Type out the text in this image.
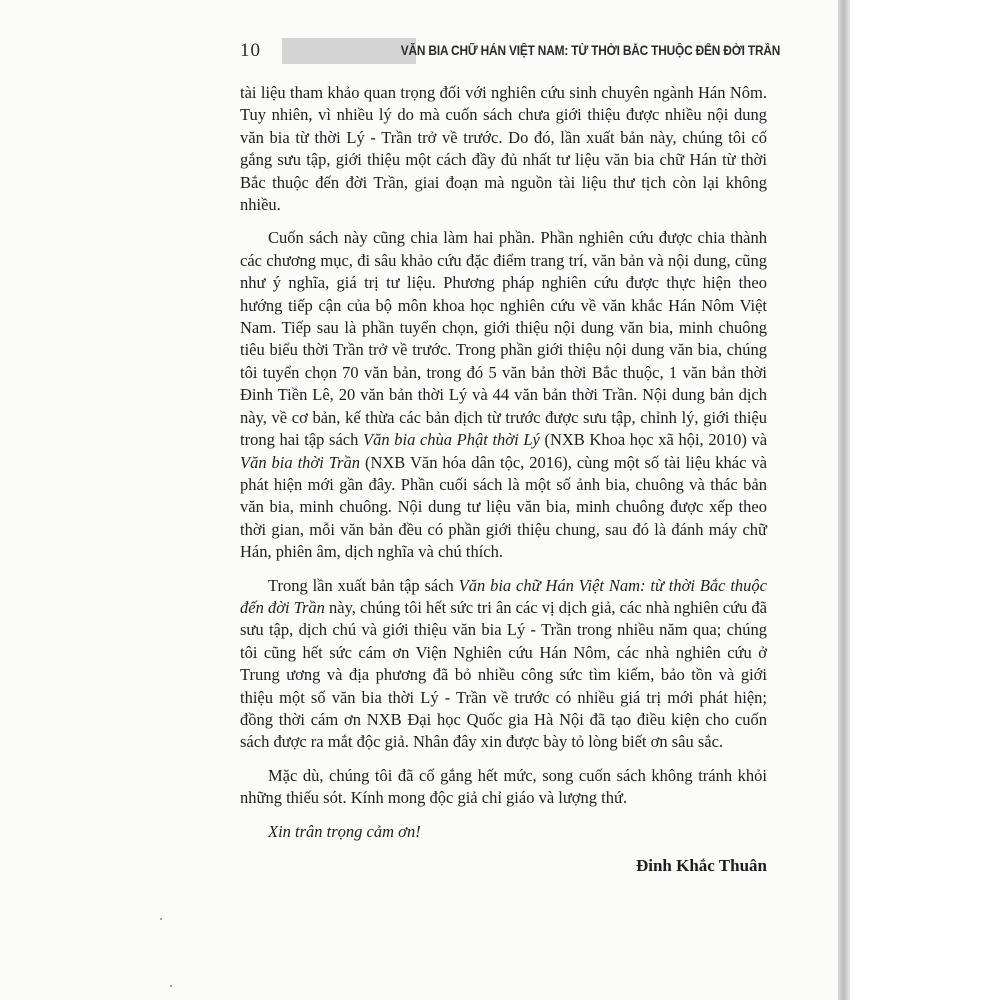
10	VĂN BIA CHỮ HÁN VIỆT NAM: TỪ THỜI BẮC THUỘC ĐẾN ĐỜI TRẦN

tài liệu tham khảo quan trọng đối với nghiên cứu sinh chuyên ngành Hán Nôm. Tuy nhiên, vì nhiều lý do mà cuốn sách chưa giới thiệu được nhiều nội dung văn bia từ thời Lý - Trần trở về trước. Do đó, lần xuất bản này, chúng tôi cố gắng sưu tập, giới thiệu một cách đầy đủ nhất tư liệu văn bia chữ Hán từ thời Bắc thuộc đến đời Trần, giai đoạn mà nguồn tài liệu thư tịch còn lại không nhiều.

Cuốn sách này cũng chia làm hai phần. Phần nghiên cứu được chia thành các chương mục, đi sâu khảo cứu đặc điểm trang trí, văn bản và nội dung, cũng như ý nghĩa, giá trị tư liệu. Phương pháp nghiên cứu được thực hiện theo hướng tiếp cận của bộ môn khoa học nghiên cứu về văn khắc Hán Nôm Việt Nam. Tiếp sau là phần tuyển chọn, giới thiệu nội dung văn bia, minh chuông tiêu biểu thời Trần trở về trước. Trong phần giới thiệu nội dung văn bia, chúng tôi tuyển chọn 70 văn bản, trong đó 5 văn bản thời Bắc thuộc, 1 văn bản thời Đinh Tiền Lê, 20 văn bản thời Lý và 44 văn bản thời Trần. Nội dung bản dịch này, về cơ bản, kế thừa các bản dịch từ trước được sưu tập, chỉnh lý, giới thiệu trong hai tập sách Văn bia chùa Phật thời Lý (NXB Khoa học xã hội, 2010) và Văn bia thời Trần (NXB Văn hóa dân tộc, 2016), cùng một số tài liệu khác và phát hiện mới gần đây. Phần cuối sách là một số ảnh bia, chuông và thác bản văn bia, minh chuông. Nội dung tư liệu văn bia, minh chuông được xếp theo thời gian, mỗi văn bản đều có phần giới thiệu chung, sau đó là đánh máy chữ Hán, phiên âm, dịch nghĩa và chú thích.

Trong lần xuất bản tập sách Văn bia chữ Hán Việt Nam: từ thời Bắc thuộc đến đời Trần này, chúng tôi hết sức tri ân các vị dịch giả, các nhà nghiên cứu đã sưu tập, dịch chú và giới thiệu văn bia Lý - Trần trong nhiều năm qua; chúng tôi cũng hết sức cám ơn Viện Nghiên cứu Hán Nôm, các nhà nghiên cứu ở Trung ương và địa phương đã bỏ nhiều công sức tìm kiếm, bảo tồn và giới thiệu một số văn bia thời Lý - Trần về trước có nhiều giá trị mới phát hiện; đồng thời cám ơn NXB Đại học Quốc gia Hà Nội đã tạo điều kiện cho cuốn sách được ra mắt độc giả. Nhân đây xin được bày tỏ lòng biết ơn sâu sắc.

Mặc dù, chúng tôi đã cố gắng hết mức, song cuốn sách không tránh khỏi những thiếu sót. Kính mong độc giả chỉ giáo và lượng thứ.

Xin trân trọng cảm ơn!

Đinh Khắc Thuân
